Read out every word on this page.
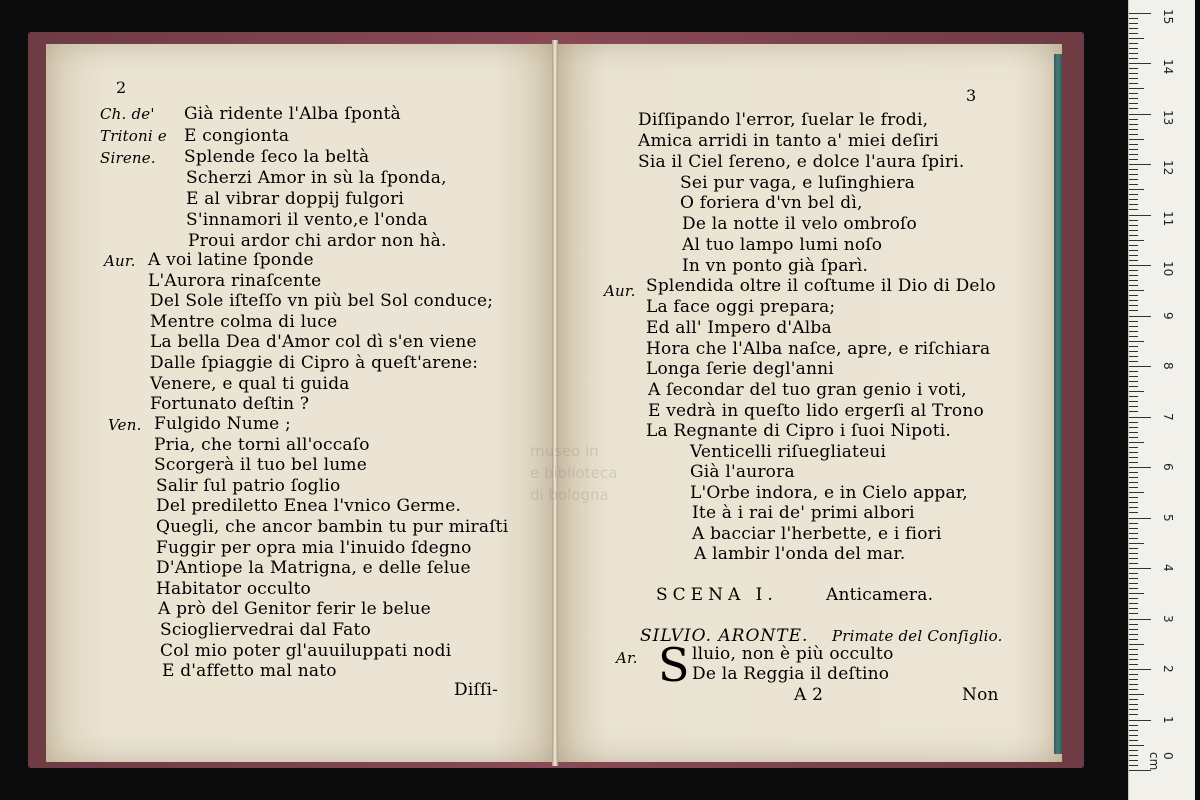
2
Ch. de'
Tritoni e
Sirene.
Già ridente l'Alba ſpontà
E congionta
Splende ſeco la beltà
Scherzi Amor in sù la ſponda,
E al vibrar doppij fulgori
S'innamori il vento,e l'onda
Proui ardor chi ardor non hà.
Aur. A voi latine ſponde
L'Aurora rinaſcente
Del Sole iſteſſo vn più bel Sol conduce;
Mentre colma di luce
La bella Dea d'Amor col dì s'en viene
Dalle ſpiaggie di Cipro à queſt'arene:
Venere, e qual ti guida
Fortunato deſtin ?
Ven. Fulgido Nume ;
Pria, che torni all'occaſo
Scorgerà il tuo bel lume
Salir ſul patrio ſoglio
Del prediletto Enea l'vnico Germe.
Quegli, che ancor bambin tu pur miraſti
Fuggir per opra mia l'inuido ſdegno
D'Antiope la Matrigna, e delle ſelue
Habitator occulto
A prò del Genitor ferir le belue
Sciogliervedrai dal Fato
Col mio poter gl'auuiluppati nodi
E d'affetto mal nato
Diſſi-
3
Diſſipando l'error, ſuelar le frodi,
Amica arridi in tanto a' miei deſiri
Sia il Ciel ſereno, e dolce l'aura ſpiri.
Sei pur vaga, e luſinghiera
O foriera d'vn bel dì,
De la notte il velo ombroſo
Al tuo lampo lumi noſo
In vn ponto già ſparì.
Aur. Splendida oltre il coſtume il Dio di Delo
La face oggi prepara;
Ed all' Impero d'Alba
Hora che l'Alba naſce, apre, e riſchiara
Longa ſerie degl'anni
A ſecondar del tuo gran genio i voti,
E vedrà in queſto lido ergerſi al Trono
La Regnante di Cipro i ſuoi Nipoti.
Venticelli riſuegliateui
Già l'aurora
L'Orbe indora, e in Cielo appar,
Ite à i rai de' primi albori
A bacciar l'herbette, e i fiori
A lambir l'onda del mar.
SCENA I.	Anticamera.
SILVIO. ARONTE. Primate del Conſiglio.
Ar. S lluio, non è più occulto
De la Reggia il deſtino
A 2	Non
museo in
e biblioteca
di bologna
0 cm
1
2
3
4
5
6
7
8
9
10
11
12
13
14
15
